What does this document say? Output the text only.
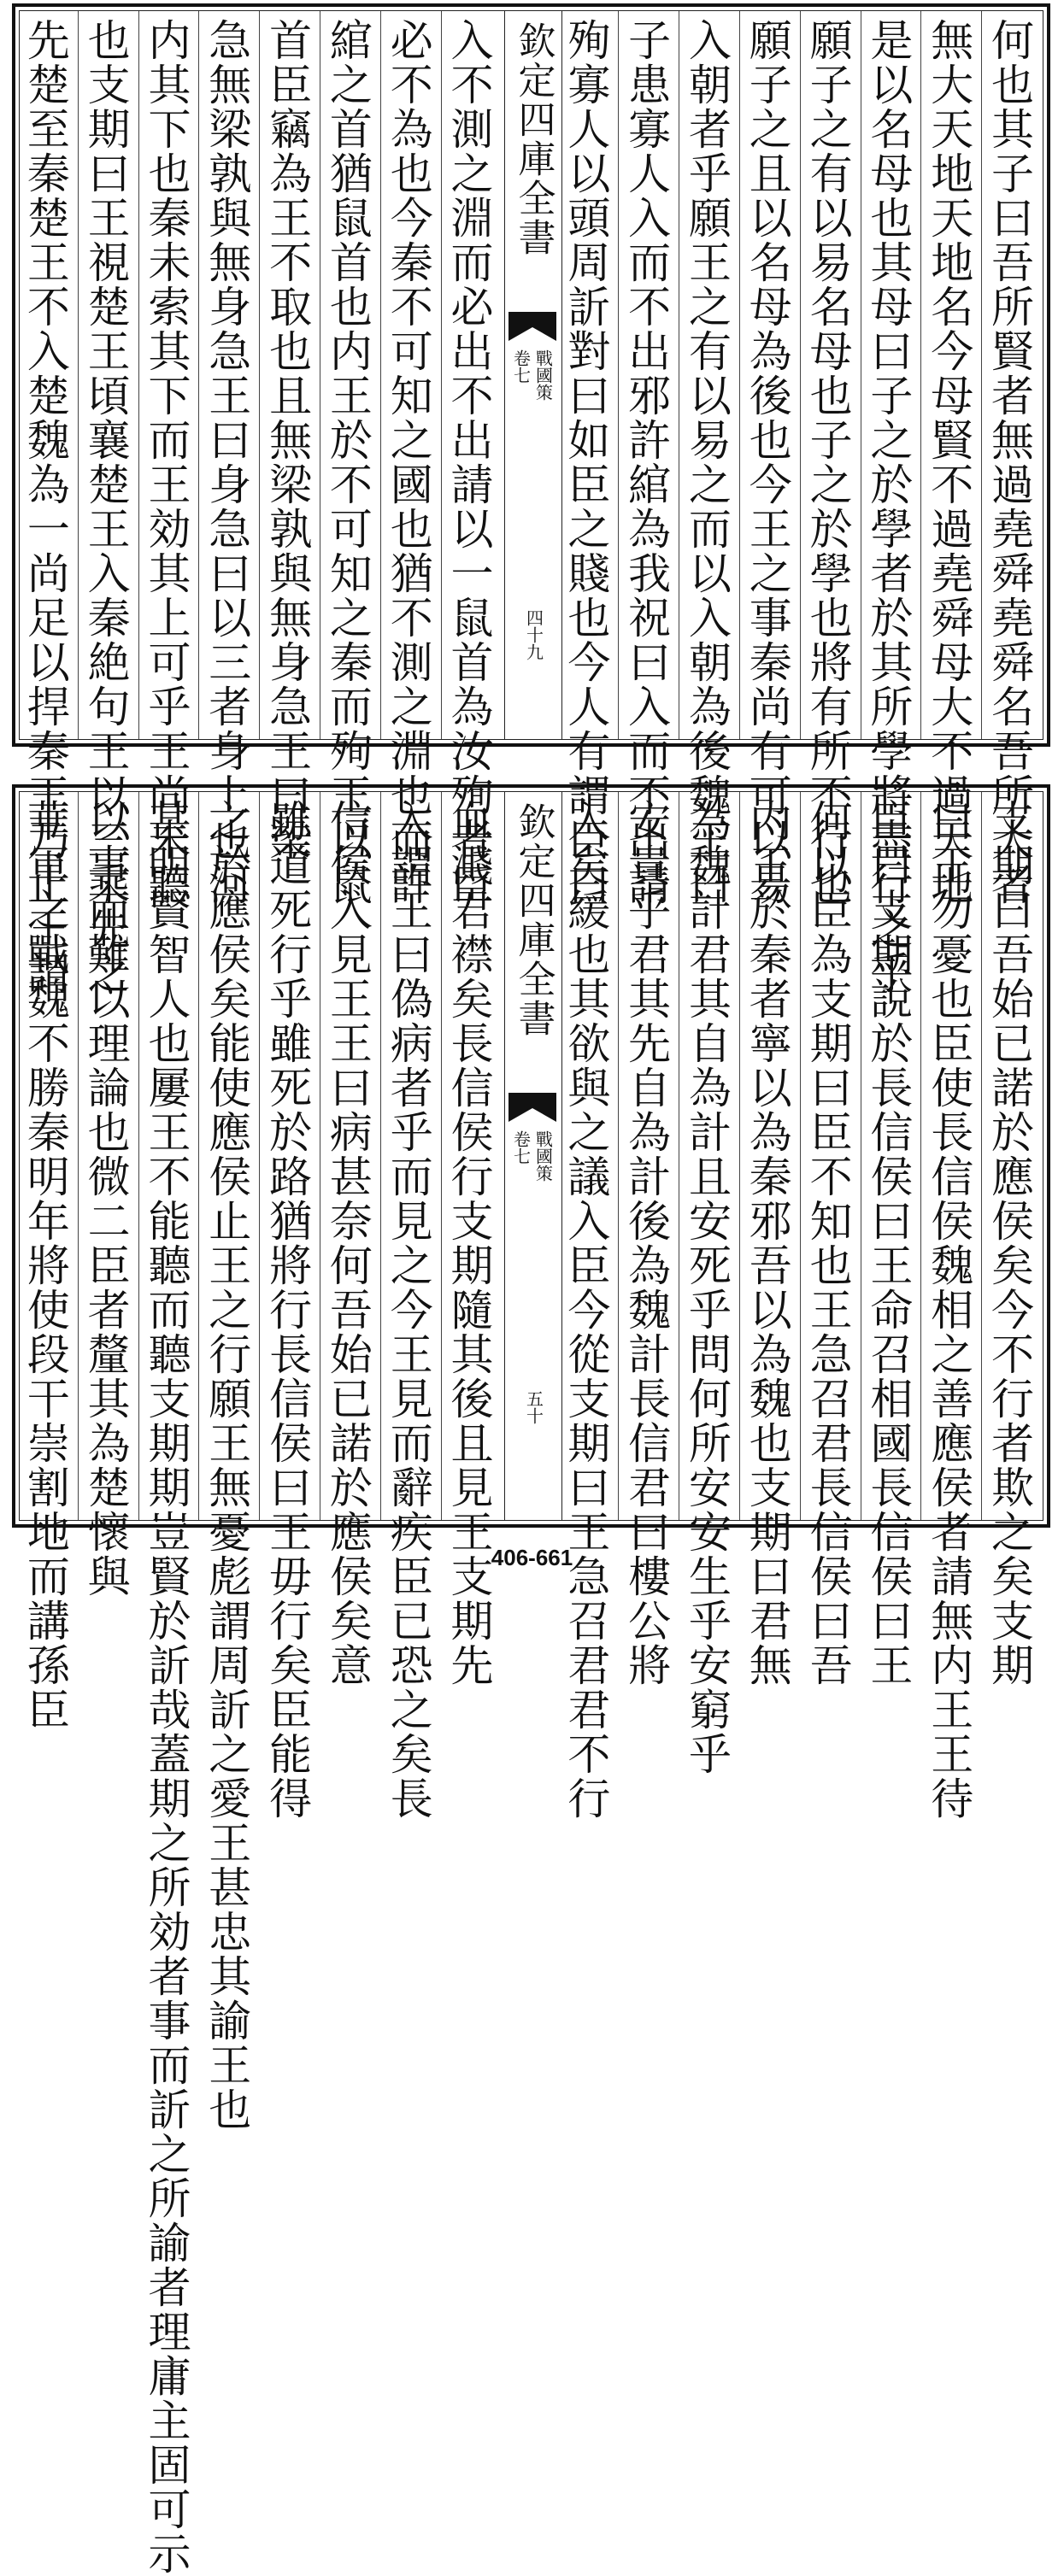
何也其子曰吾所賢者無過堯舜堯舜名吾所大者
無大天地天地名今母賢不過堯舜母大不過天地
是以名母也其母曰子之於學者於其所學將盡行之乎
願子之有以易名母也子之於學也將有所不行也
願子之且以名母為後也今王之事秦尚有可以易
入朝者乎願王之有以易之而以入朝為後魏王曰
子患寡人入而不出邪許綰為我祝曰入而不出請
殉寡人以頭周訢對曰如臣之賤也今人有謂臣曰
入不測之淵而必出不出請以一鼠首為汝殉者臣
必不為也今秦不可知之國也猶不測之淵也而許
綰之首猶鼠首也内王於不可知之秦而殉王以鼠
首臣竊為王不取也且無梁孰與無身急王曰梁
急無梁孰與無身急王曰身急曰以三者身上也河
内其下也秦未索其下而王効其上可乎王尚未聽
也支期曰王視楚王頃襄楚王入秦絶句王以三乘先之
先楚至秦楚王不入楚魏為一尚足以捍秦王乃止王謂	欽定四庫全書
戰國策
卷七
四十九
支期曰吾始已諾於應侯矣今不行者欺之矣支期
曰王勿憂也臣使長信侯魏相之善應侯者請無内王王待
臣曰支期說於長信侯曰王命召相國長信侯曰王
何以臣為支期曰臣不知也王急召君長信侯曰吾
内王於秦者寧以為秦邪吾以為魏也支期曰君無
為魏計君其自為計且安死乎問何所安安生乎安窮乎
安貴乎君其先自為計後為魏計長信君曰樓公將
入矣緩也其欲與之議入臣今從支期曰王急召君君不行
血濺君襟矣長信侯行支期隨其後且見王支期先
入謂王曰偽病者乎而見之今王見而辭疾臣已恐之矣長
信侯入見王王曰病甚奈何吾始已諾於應侯矣意
雖道死行乎雖死於路猶將行長信侯曰王毋行矣臣能得
之於應侯矣能使應侯止王之行願王無憂彪謂周訢之愛王甚忠其諭王也
甚明賢智人也屢王不能聽而聽支期期豈賢於訢哉蓋期之所効者事而訢之所諭者理庸主固可示
以事而難以理論也微二臣者釐其為楚懷與
華軍之戰魏不勝秦明年將使段干崇割地而講孫臣	欽定四庫全書
戰國策
卷七
五十
406-661
